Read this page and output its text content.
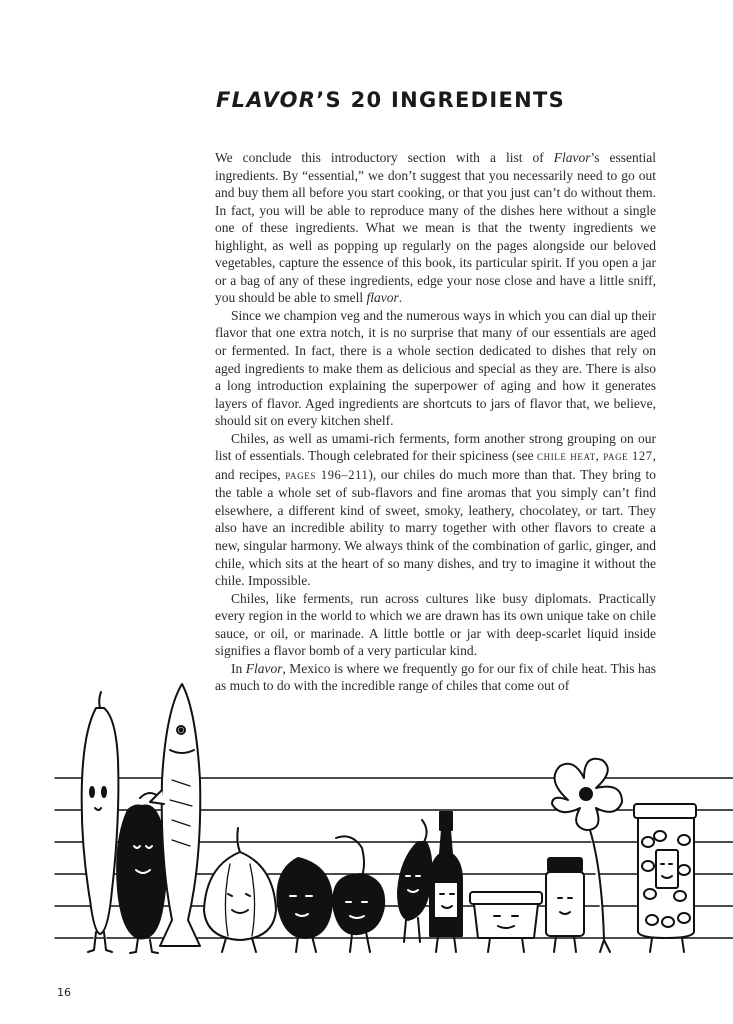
FLAVOR’S 20 INGREDIENTS

We conclude this introductory section with a list of Flavor’s essential ingredients. By “essential,” we don’t suggest that you necessarily need to go out and buy them all before you start cooking, or that you just can’t do without them. In fact, you will be able to reproduce many of the dishes here without a single one of these ingredients. What we mean is that the twenty ingredients we highlight, as well as popping up regularly on the pages alongside our beloved vegetables, capture the essence of this book, its particular spirit. If you open a jar or a bag of any of these ingredients, edge your nose close and have a little sniff, you should be able to smell flavor.

Since we champion veg and the numerous ways in which you can dial up their flavor that one extra notch, it is no surprise that many of our essentials are aged or fermented. In fact, there is a whole section dedicated to dishes that rely on aged ingredients to make them as delicious and special as they are. There is also a long introduction explaining the superpower of aging and how it generates layers of flavor. Aged ingredients are shortcuts to jars of flavor that, we believe, should sit on every kitchen shelf.

Chiles, as well as umami-rich ferments, form another strong grouping on our list of essentials. Though celebrated for their spiciness (see chile heat, page 127, and recipes, pages 196–211), our chiles do much more than that. They bring to the table a whole set of sub-flavors and fine aromas that you simply can’t find elsewhere, a different kind of sweet, smoky, leathery, chocolatey, or tart. They also have an incredible ability to marry together with other flavors to create a new, singular harmony. We always think of the combination of garlic, ginger, and chile, which sits at the heart of so many dishes, and try to imagine it without the chile. Impossible.

Chiles, like ferments, run across cultures like busy diplomats. Practically every region in the world to which we are drawn has its own unique take on chile sauce, or oil, or marinade. A little bottle or jar with deep-scarlet liquid inside signifies a flavor bomb of a very particular kind.

In Flavor, Mexico is where we frequently go for our fix of chile heat. This has as much to do with the incredible range of chiles that come out of

16
